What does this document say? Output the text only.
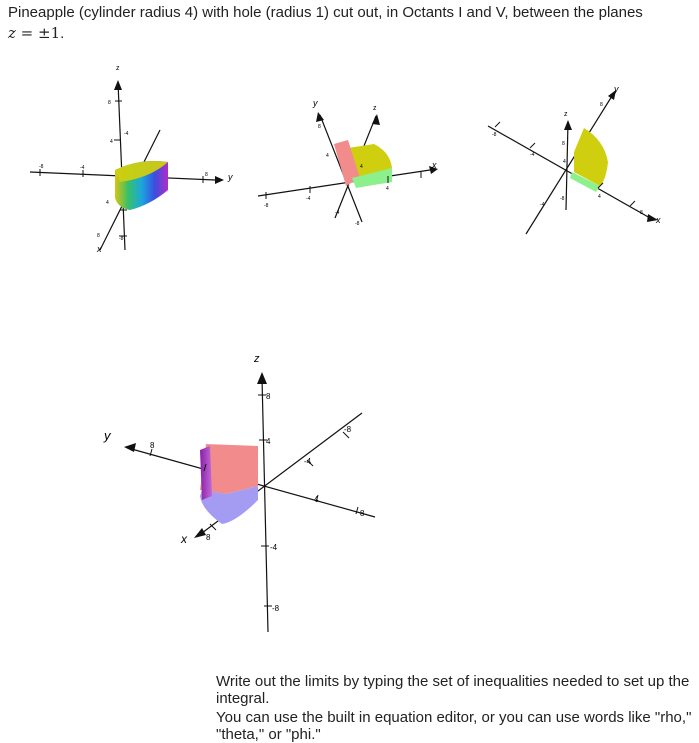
Pineapple (cylinder radius 4) with hole (radius 1) cut out, in Octants I and V, between the planes
z = ±1.
z
y
x
8
-8
4
-4
4
8
8
-4
-8
y
z
x
8
4
4
-8
-4
-4
4
-8
y
z
x
8
4
-8
-4
8
-4
-8	4
8
z
y
x
8
4
-4
-8
8
-8
-4
4
8
8
Write out the limits by typing the set of inequalities needed to set up the integral.
You can use the built in equation editor, or you can use words like "rho," "theta," or "phi."
